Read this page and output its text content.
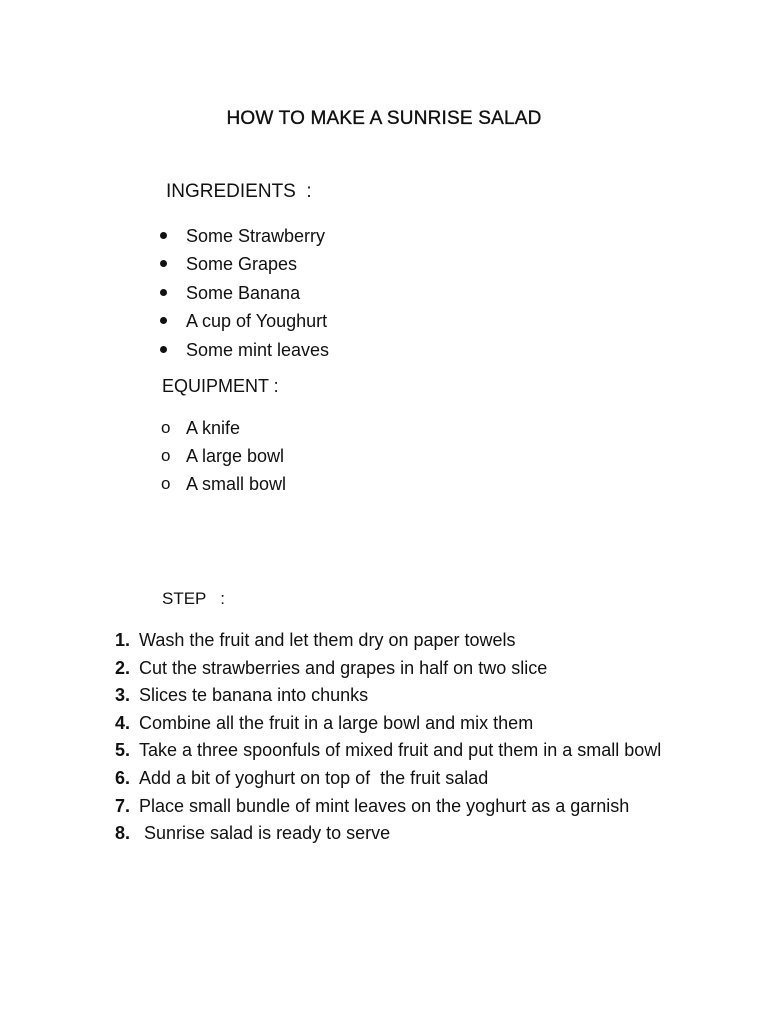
HOW TO MAKE A SUNRISE SALAD
INGREDIENTS  :
Some Strawberry
Some Grapes
Some Banana
A cup of Youghurt
Some mint leaves
EQUIPMENT :
o A knife
o A large bowl
o A small bowl
STEP   :
1. Wash the fruit and let them dry on paper towels
2. Cut the strawberries and grapes in half on two slice
3. Slices te banana into chunks
4. Combine all the fruit in a large bowl and mix them
5. Take a three spoonfuls of mixed fruit and put them in a small bowl
6. Add a bit of yoghurt on top of  the fruit salad
7. Place small bundle of mint leaves on the yoghurt as a garnish
8. Sunrise salad is ready to serve
